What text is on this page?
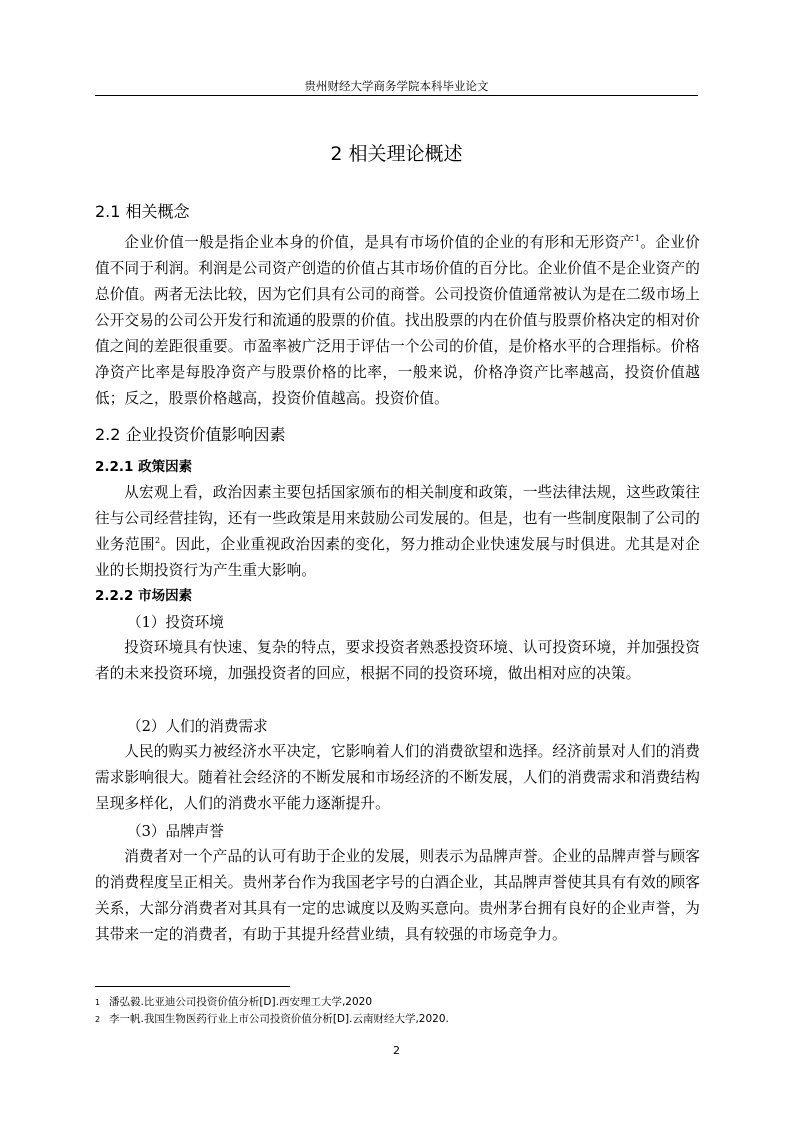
贵州财经大学商务学院本科毕业论文
2 相关理论概述
2.1 相关概念
企业价值一般是指企业本身的价值，是具有市场价值的企业的有形和无形资产$^1$。企业价值不同于利润。利润是公司资产创造的价值占其市场价值的百分比。企业价值不是企业资产的总价值。两者无法比较，因为它们具有公司的商誉。公司投资价值通常被认为是在二级市场上公开交易的公司公开发行和流通的股票的价值。找出股票的内在价值与股票价格决定的相对价值之间的差距很重要。市盈率被广泛用于评估一个公司的价值，是价格水平的合理指标。价格净资产比率是每股净资产与股票价格的比率，一般来说，价格净资产比率越高，投资价值越低；反之，股票价格越高，投资价值越高。投资价值。
2.2 企业投资价值影响因素
2.2.1 政策因素
从宏观上看，政治因素主要包括国家颁布的相关制度和政策，一些法律法规，这些政策往往与公司经营挂钩，还有一些政策是用来鼓励公司发展的。但是，也有一些制度限制了公司的业务范围$^2$。因此，企业重视政治因素的变化，努力推动企业快速发展与时俱进。尤其是对企业的长期投资行为产生重大影响。
2.2.2 市场因素
（1）投资环境
投资环境具有快速、复杂的特点，要求投资者熟悉投资环境、认可投资环境，并加强投资者的未来投资环境，加强投资者的回应，根据不同的投资环境，做出相对应的决策。
（2）人们的消费需求
人民的购买力被经济水平决定，它影响着人们的消费欲望和选择。经济前景对人们的消费需求影响很大。随着社会经济的不断发展和市场经济的不断发展，人们的消费需求和消费结构呈现多样化，人们的消费水平能力逐渐提升。
（3）品牌声誉
消费者对一个产品的认可有助于企业的发展，则表示为品牌声誉。企业的品牌声誉与顾客的消费程度呈正相关。贵州茅台作为我国老字号的白酒企业，其品牌声誉使其具有有效的顾客关系，大部分消费者对其具有一定的忠诚度以及购买意向。贵州茅台拥有良好的企业声誉，为其带来一定的消费者，有助于其提升经营业绩，具有较强的市场竞争力。
1 潘弘毅.比亚迪公司投资价值分析[D].西安理工大学,2020
2 李一帆.我国生物医药行业上市公司投资价值分析[D].云南财经大学,2020.
2
